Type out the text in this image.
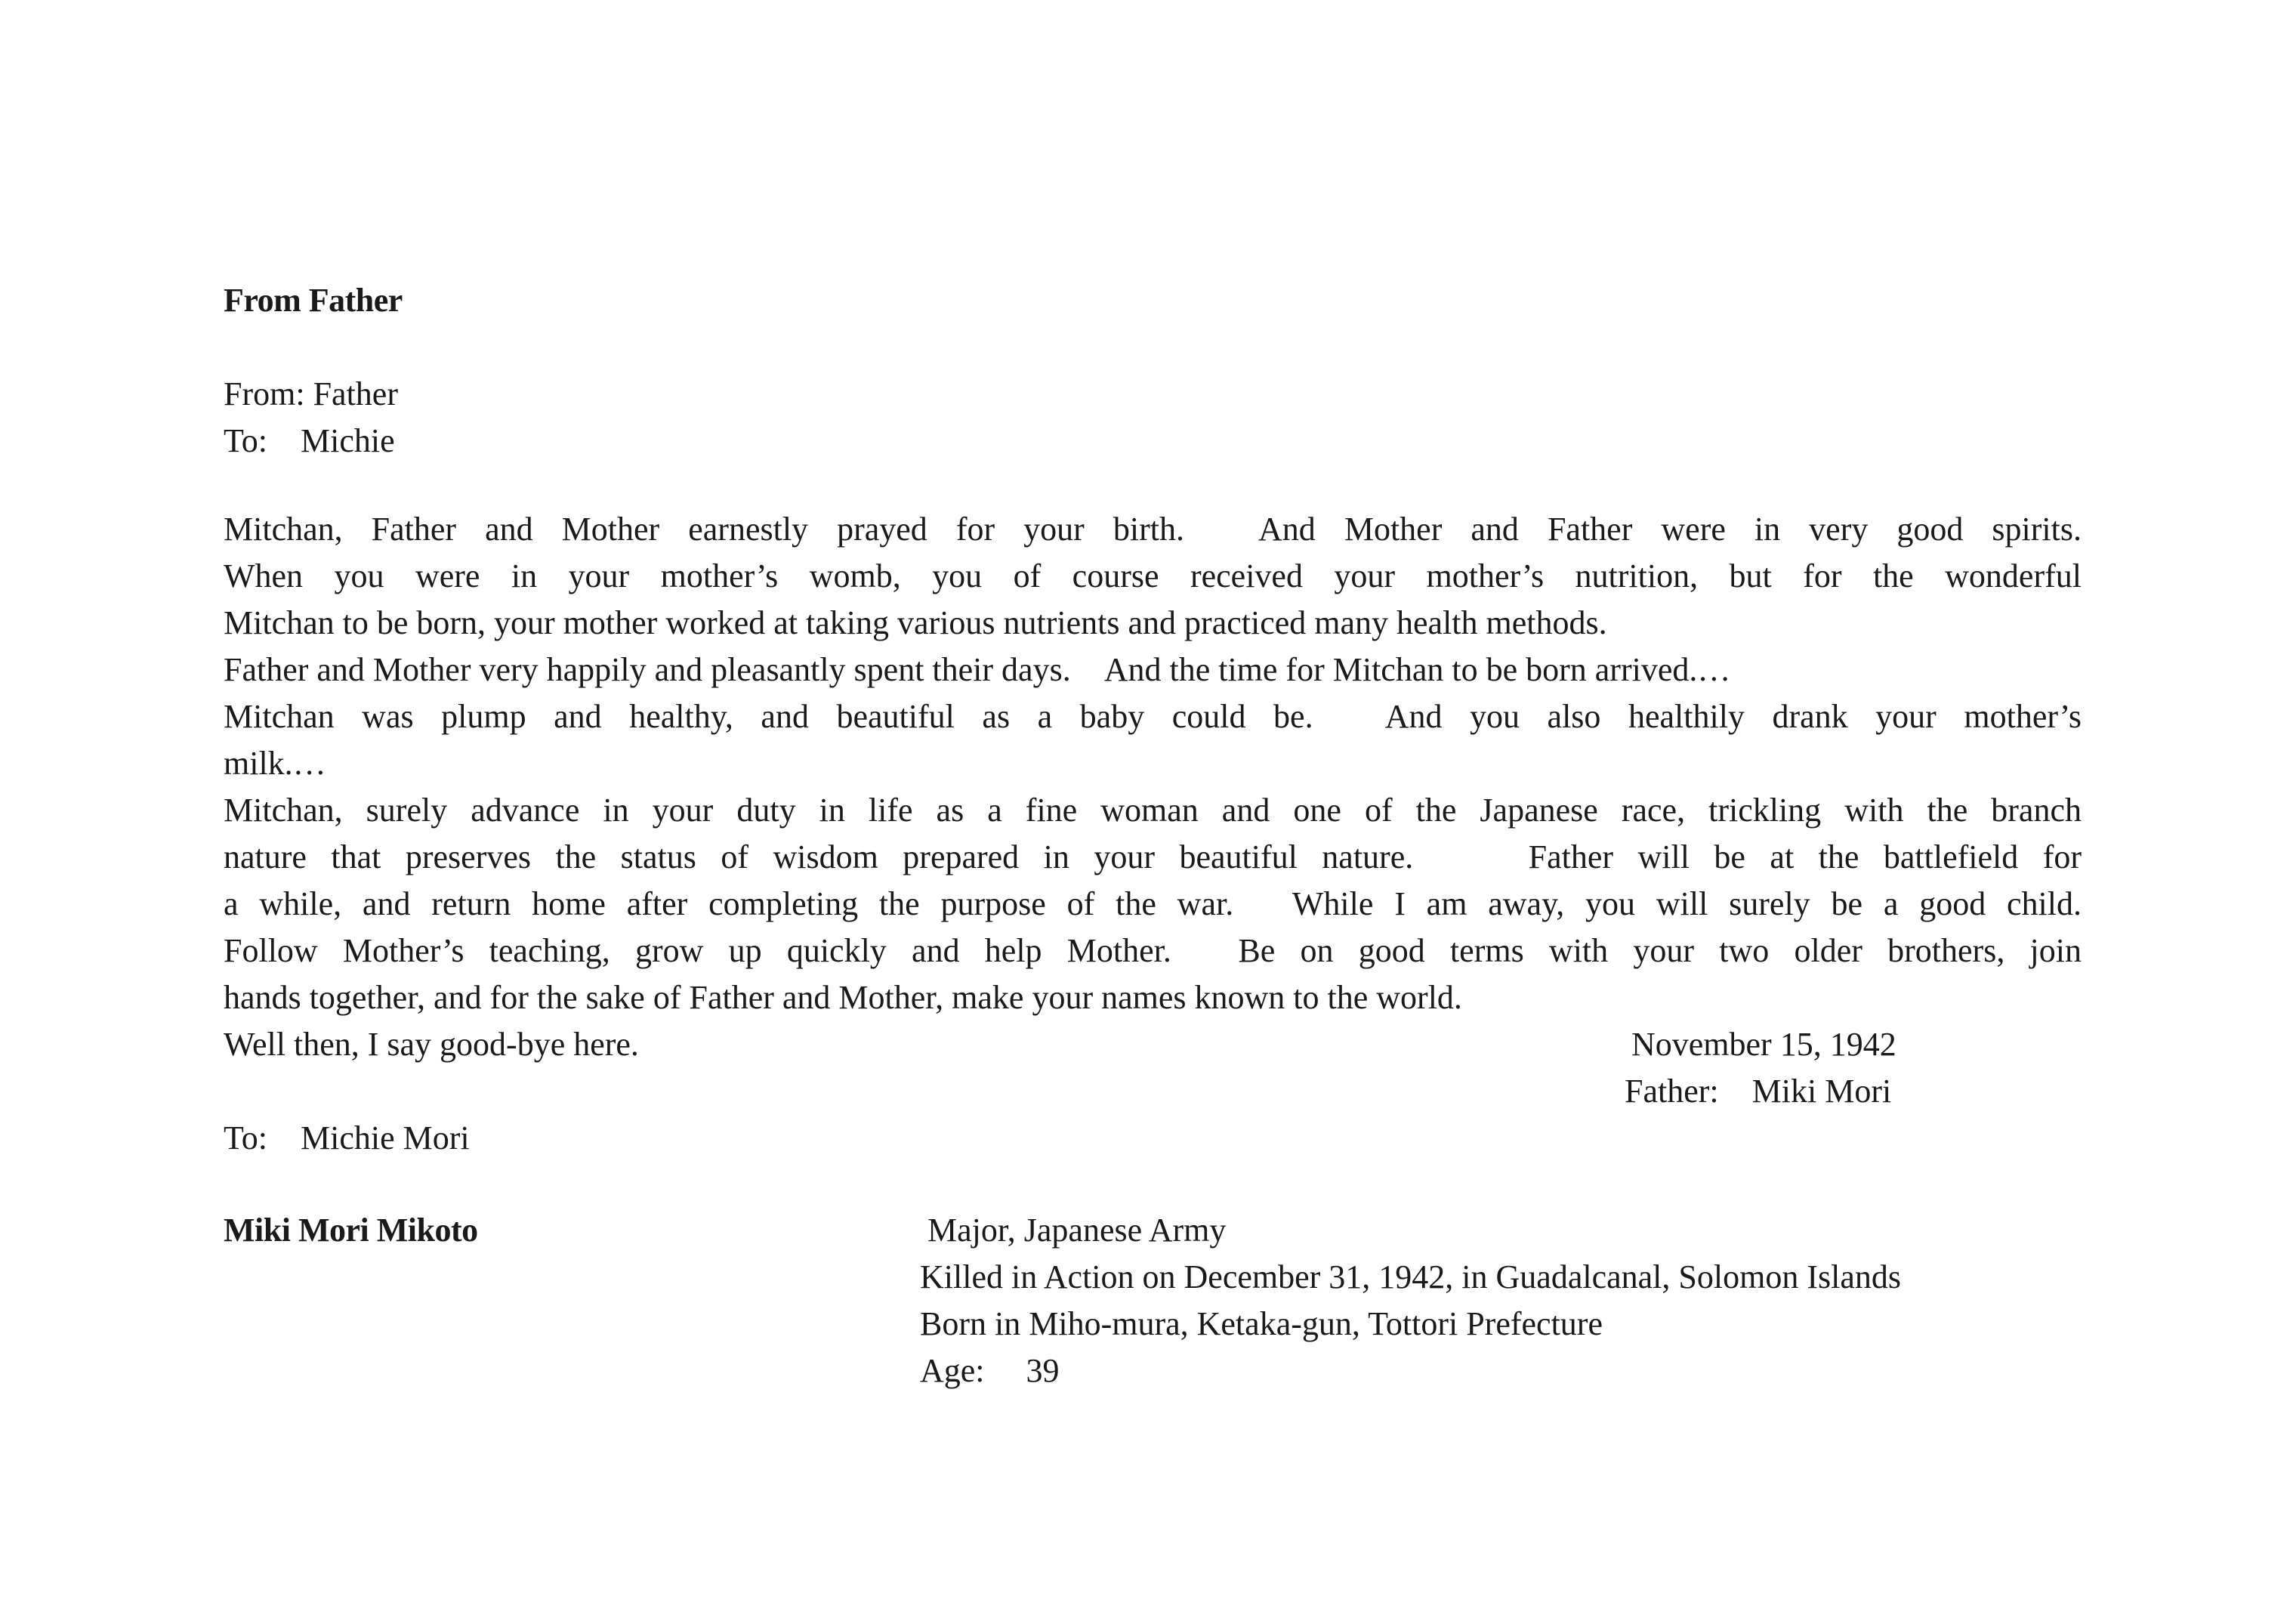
From Father
From: Father
To:　Michie
Mitchan, Father and Mother earnestly prayed for your birth.　And Mother and Father were in very good spirits.
When you were in your mother’s womb, you of course received your mother’s nutrition, but for the wonderful
Mitchan to be born, your mother worked at taking various nutrients and practiced many health methods.
Father and Mother very happily and pleasantly spent their days.　And the time for Mitchan to be born arrived.…
Mitchan was plump and healthy, and beautiful as a baby could be.　And you also healthily drank your mother’s
milk.…
Mitchan, surely advance in your duty in life as a fine woman and one of the Japanese race, trickling with the branch
nature that preserves the status of wisdom prepared in your beautiful nature.　　Father will be at the battlefield for
a while, and return home after completing the purpose of the war.　While I am away, you will surely be a good child.
Follow Mother’s teaching, grow up quickly and help Mother.　Be on good terms with your two older brothers, join
hands together, and for the sake of Father and Mother, make your names known to the world.
Well then, I say good-bye here.	November 15, 1942
Father:　Miki Mori
To:　Michie Mori
Miki Mori Mikoto	Major, Japanese Army
Killed in Action on December 31, 1942, in Guadalcanal, Solomon Islands
Born in Miho-mura, Ketaka-gun, Tottori Prefecture
Age:　 39
